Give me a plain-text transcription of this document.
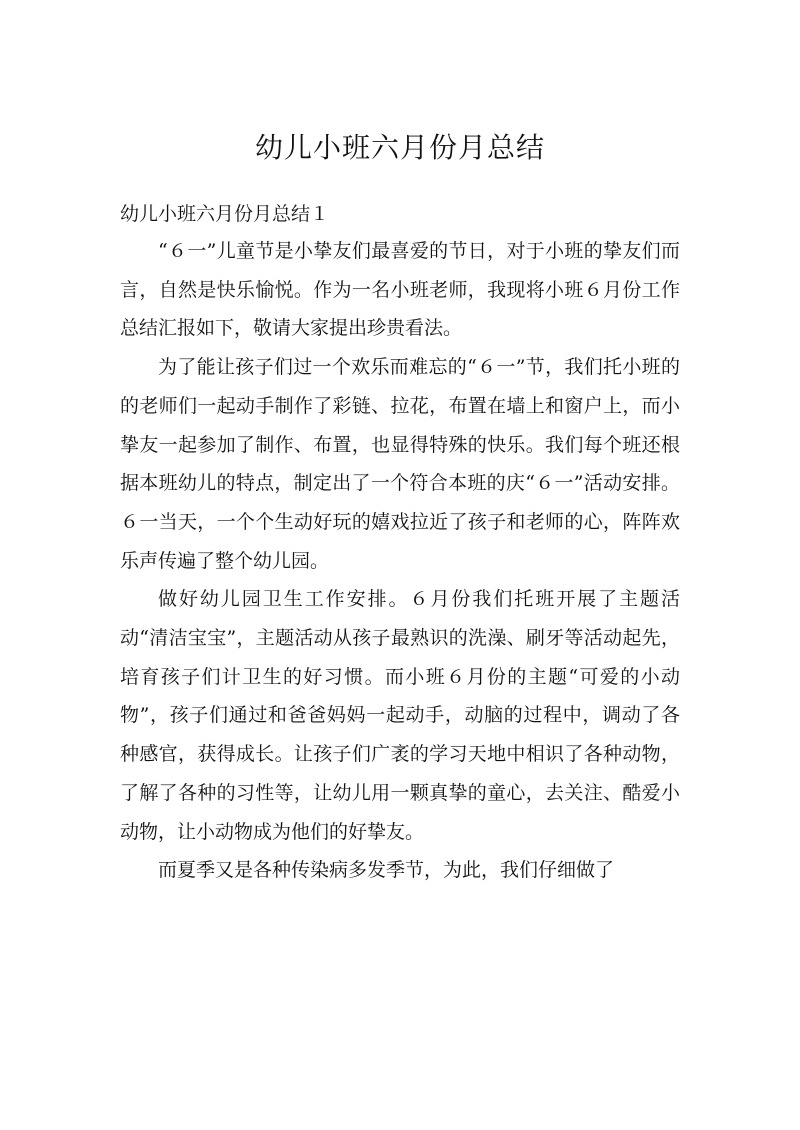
幼儿小班六月份月总结

幼儿小班六月份月总结１

“６一”儿童节是小挚友们最喜爱的节日，对于小班的挚友们而言，自然是快乐愉悦。作为一名小班老师，我现将小班６月份工作总结汇报如下，敬请大家提出珍贵看法。

为了能让孩子们过一个欢乐而难忘的“６一”节，我们托小班的的老师们一起动手制作了彩链、拉花，布置在墙上和窗户上，而小挚友一起参加了制作、布置，也显得特殊的快乐。我们每个班还根据本班幼儿的特点，制定出了一个符合本班的庆“６一”活动安排。６一当天，一个个生动好玩的嬉戏拉近了孩子和老师的心，阵阵欢乐声传遍了整个幼儿园。

做好幼儿园卫生工作安排。６月份我们托班开展了主题活动“清洁宝宝”，主题活动从孩子最熟识的洗澡、刷牙等活动起先，培育孩子们计卫生的好习惯。而小班６月份的主题“可爱的小动物”，孩子们通过和爸爸妈妈一起动手，动脑的过程中，调动了各种感官，获得成长。让孩子们广袤的学习天地中相识了各种动物，了解了各种的习性等，让幼儿用一颗真挚的童心，去关注、酷爱小动物，让小动物成为他们的好挚友。

而夏季又是各种传染病多发季节，为此，我们仔细做了
